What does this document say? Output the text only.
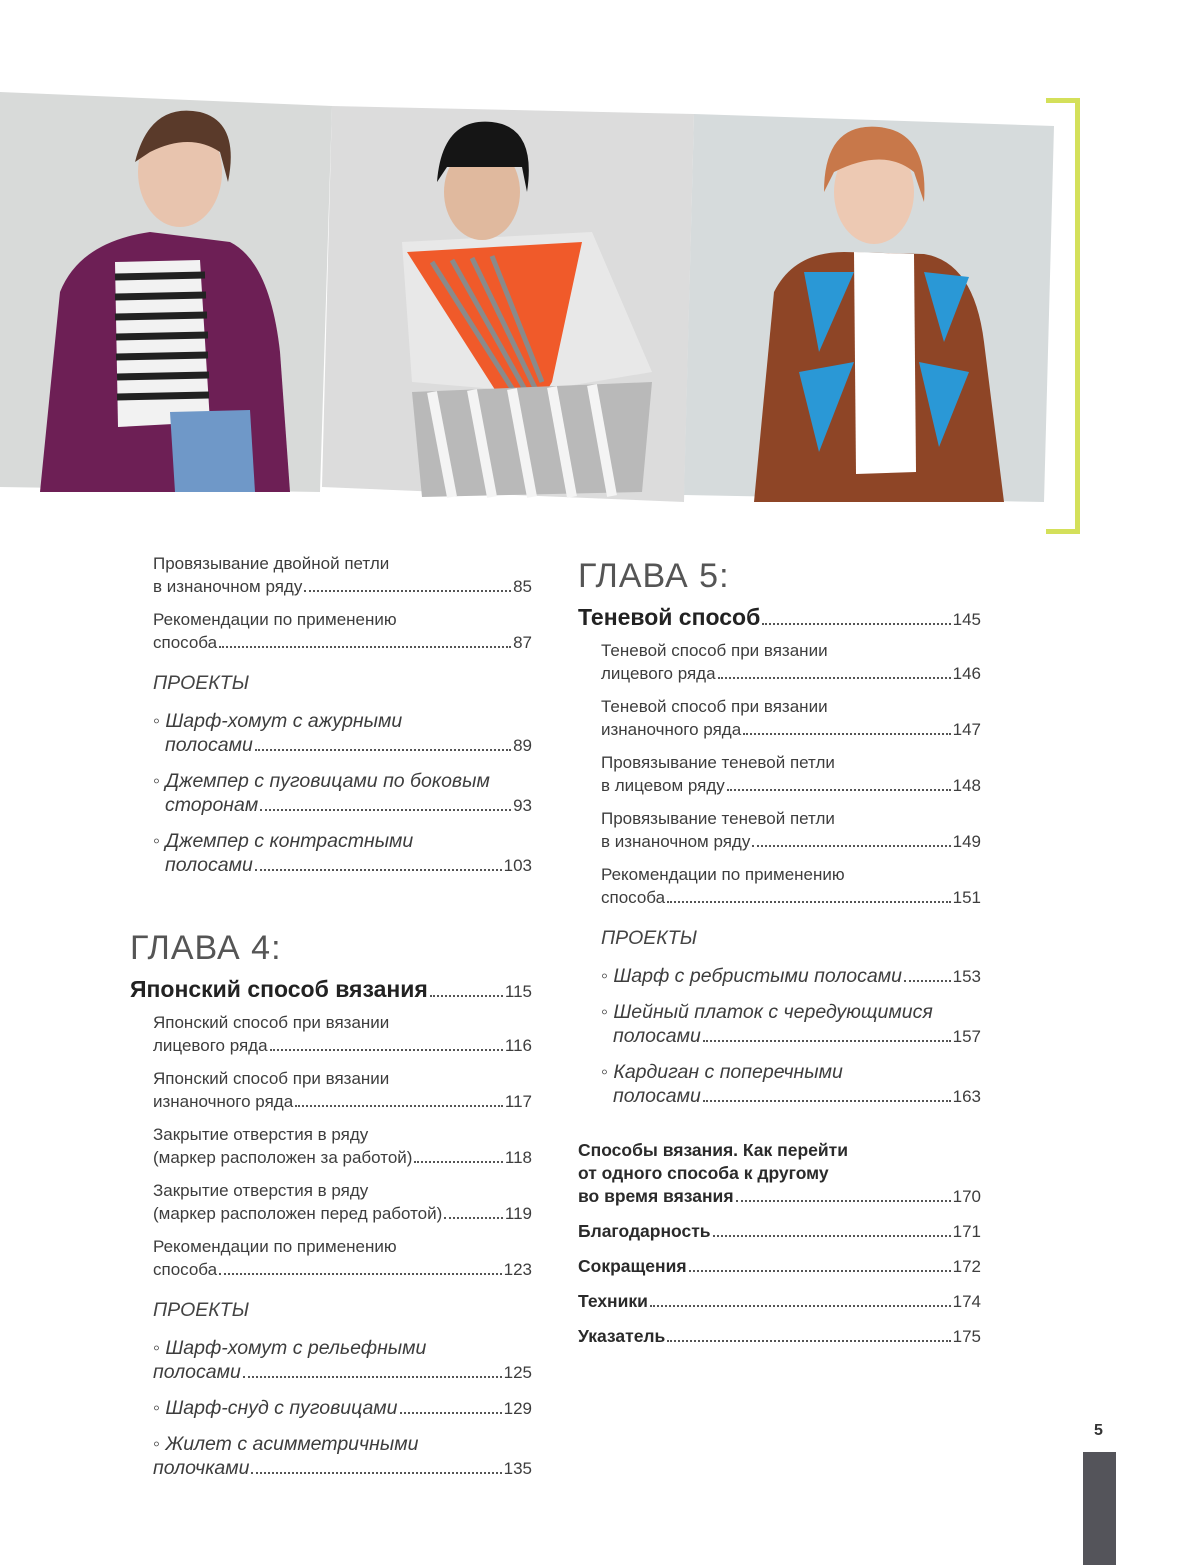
Провязывание двойной петли
в изнаночном ряду	85
Рекомендации по применению
способа	87
ПРОЕКТЫ
◦ Шарф-хомут с ажурными
полосами	89
◦ Джемпер с пуговицами по боковым
сторонам	93
◦ Джемпер с контрастными
полосами	103
ГЛАВА 4:
Японский способ вязания	115
Японский способ при вязании
лицевого ряда	116
Японский способ при вязании
изнаночного ряда	117
Закрытие отверстия в ряду
(маркер расположен за работой)	118
Закрытие отверстия в ряду
(маркер расположен перед работой)	119
Рекомендации по применению
способа	123
ПРОЕКТЫ
◦ Шарф-хомут с рельефными
полосами	125
◦ Шарф-снуд с пуговицами	129
◦ Жилет с асимметричными
полочками	135
ГЛАВА 5:
Теневой способ	145
Теневой способ при вязании
лицевого ряда	146
Теневой способ при вязании
изнаночного ряда	147
Провязывание теневой петли
в лицевом ряду	148
Провязывание теневой петли
в изнаночном ряду	149
Рекомендации по применению
способа	151
ПРОЕКТЫ
◦ Шарф с ребристыми полосами	153
◦ Шейный платок с чередующимися
полосами	157
◦ Кардиган с поперечными
полосами	163
Способы вязания. Как перейти
от одного способа к другому
во время вязания	170
Благодарность	171
Сокращения	172
Техники	174
Указатель	175
5
